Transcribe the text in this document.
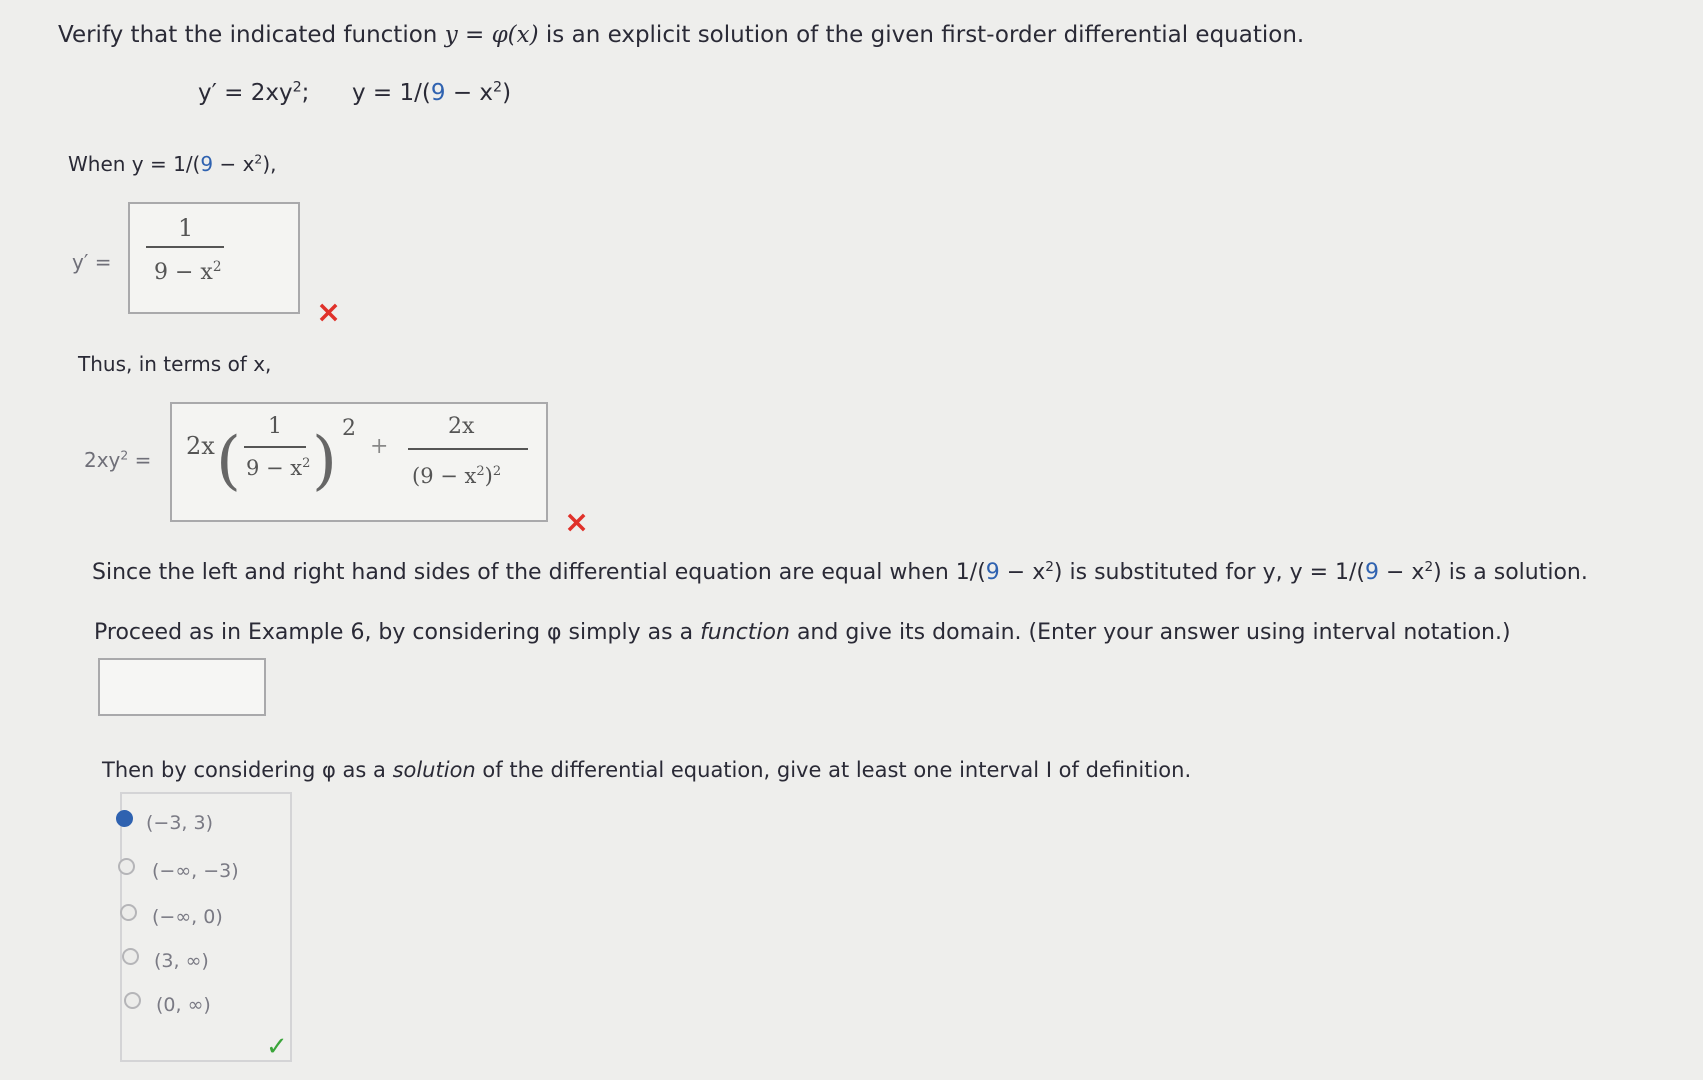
Verify that the indicated function y = φ(x) is an explicit solution of the given first-order differential equation.
$y' = 2xy^2$; $y = 1/(9 - x^2)$
When $y = 1/(9 - x^2)$,
y′ =
1
$9 - x^2$
×
Thus, in terms of x,
$2xy^2 = 2x$ ( 1
$9 - x^2$ ) 2
+
2x
$(9 - x^2)^2$
×
Since the left and right hand sides of the differential equation are equal when $1/(9 - x^2)$ is substituted for y, $y = 1/(9 - x^2)$ is a solution.
Proceed as in Example 6, by considering φ simply as a function and give its domain. (Enter your answer using interval notation.)
Then by considering φ as a solution of the differential equation, give at least one interval I of definition.
(−3, 3)
(−∞, −3)
(−∞, 0)
(3, ∞)
(0, ∞)
✓
